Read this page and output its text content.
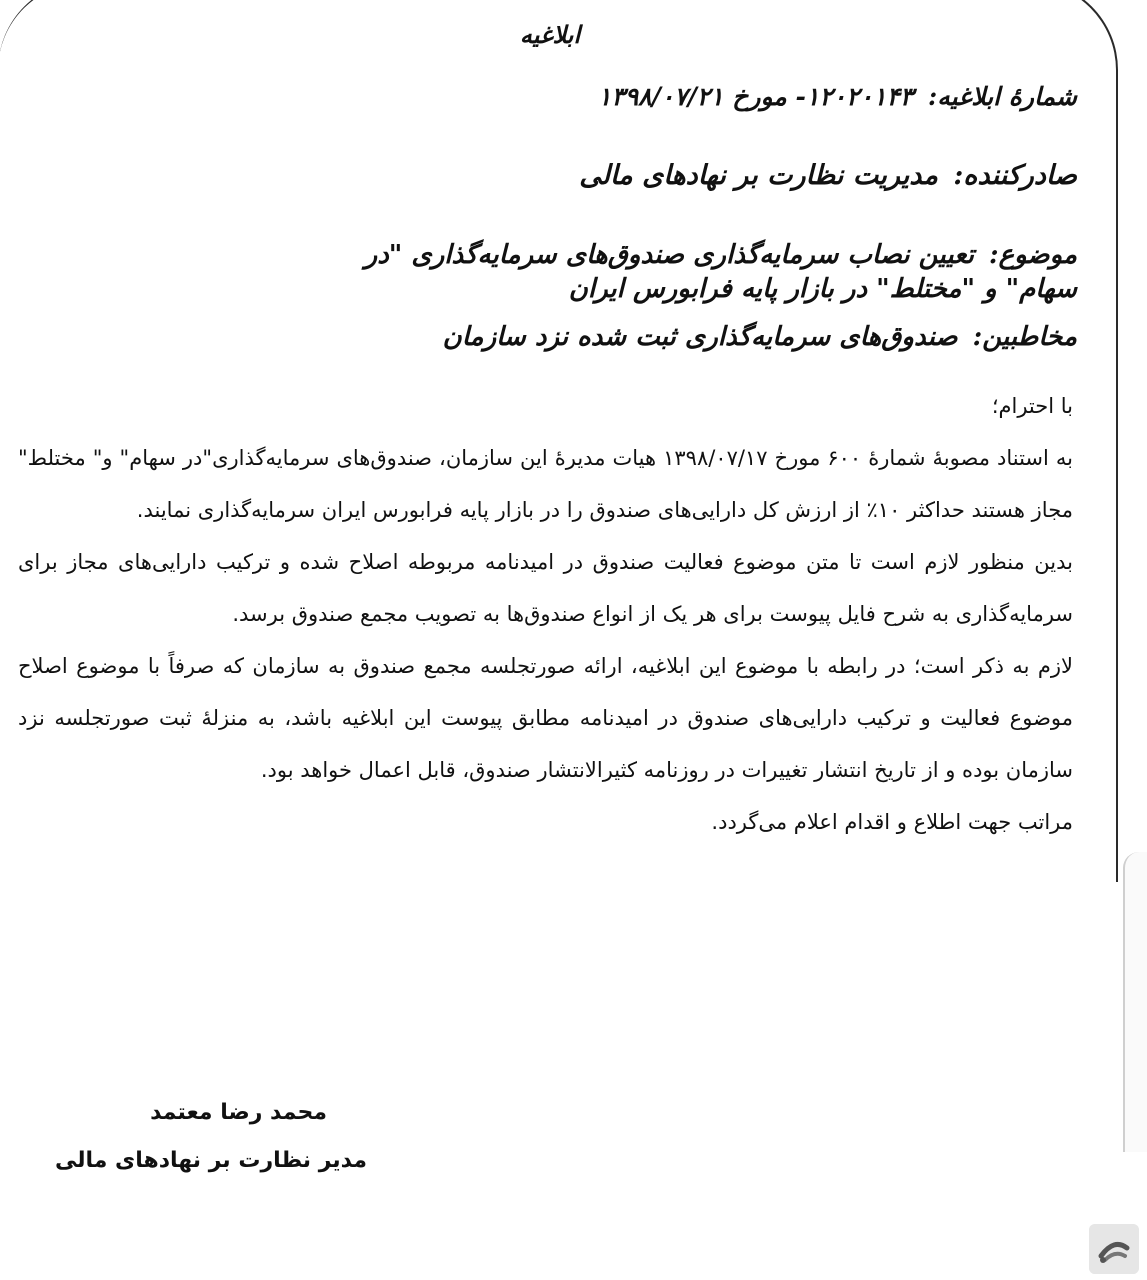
ابلاغیه
شمارۀ ابلاغیه: ۱۲۰۲۰۱۴۳- مورخ ۱۳۹۸/۰۷/۲۱
صادرکننده: مدیریت نظارت بر نهادهای مالی
موضوع: تعیین نصاب سرمایه‌گذاری صندوق‌های سرمایه‌گذاری "در سهام" و "مختلط" در بازار پایه فرابورس ایران
مخاطبین: صندوق‌های سرمایه‌گذاری ثبت شده نزد سازمان

با احترام؛

به استناد مصوبۀ شمارۀ ۶۰۰ مورخ ۱۳۹۸/۰۷/۱۷ هیات مدیرۀ این سازمان، صندوق‌های سرمایه‌گذاری"در سهام" و" مختلط" مجاز هستند حداکثر ۱۰٪ از ارزش کل دارایی‌های صندوق را در بازار پایه فرابورس ایران سرمایه‌گذاری نمایند.

بدین منظور لازم است تا متن موضوع فعالیت صندوق در امیدنامه مربوطه اصلاح شده و ترکیب دارایی‌های مجاز برای سرمایه‌گذاری به شرح فایل پیوست برای هر یک از انواع صندوق‌ها به تصویب مجمع صندوق برسد.

لازم به ذکر است؛ در رابطه با موضوع این ابلاغیه، ارائه صورتجلسه مجمع صندوق به سازمان که صرفاً با موضوع اصلاح موضوع فعالیت و ترکیب دارایی‌های صندوق در امیدنامه مطابق پیوست این ابلاغیه باشد، به منزلۀ ثبت صورتجلسه نزد سازمان بوده و از تاریخ انتشار تغییرات در روزنامه کثیرالانتشار صندوق، قابل اعمال خواهد بود.

مراتب جهت اطلاع و اقدام اعلام می‌گردد.

محمد رضا معتمد
مدیر نظارت بر نهادهای مالی
